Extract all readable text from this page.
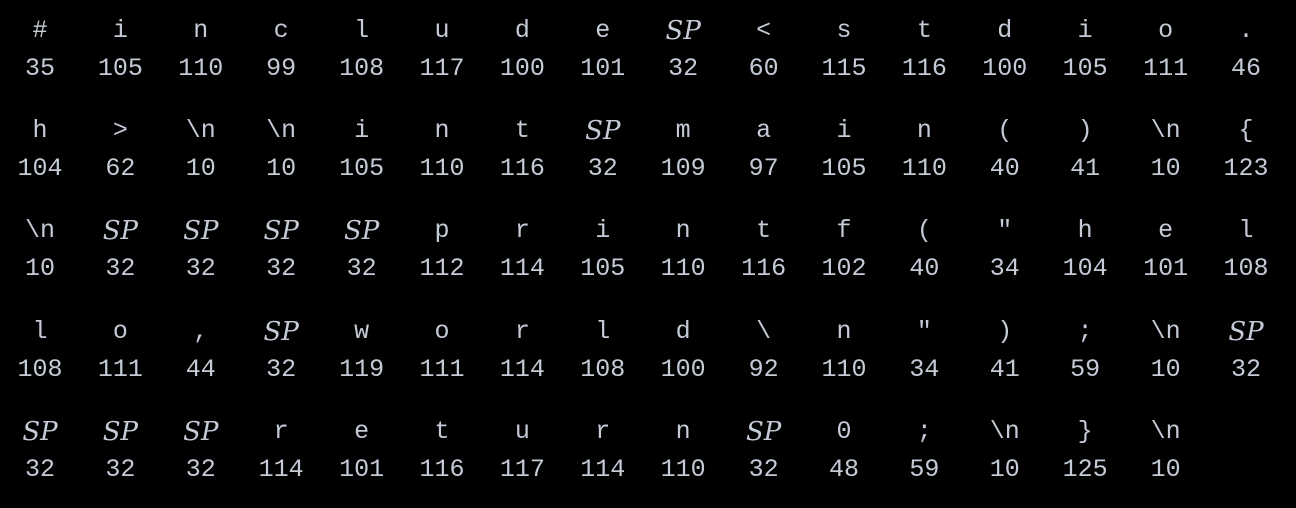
#
35
i
105
n
110
c
99
l
108
u
117
d
100
e
101
SP
32
<
60
s
115
t
116
d
100
i
105
o
111
.
46
h
104
>
62
\n
10
\n
10
i
105
n
110
t
116
SP
32
m
109
a
97
i
105
n
110
(
40
)
41
\n
10
{
123
\n
10
SP
32
SP
32
SP
32
SP
32
p
112
r
114
i
105
n
110
t
116
f
102
(
40
"
34
h
104
e
101
l
108
l
108
o
111
,
44
SP
32
w
119
o
111
r
114
l
108
d
100
\
92
n
110
"
34
)
41
;
59
\n
10
SP
32
SP
32
SP
32
SP
32
r
114
e
101
t
116
u
117
r
114
n
110
SP
32
0
48
;
59
\n
10
}
125
\n
10
